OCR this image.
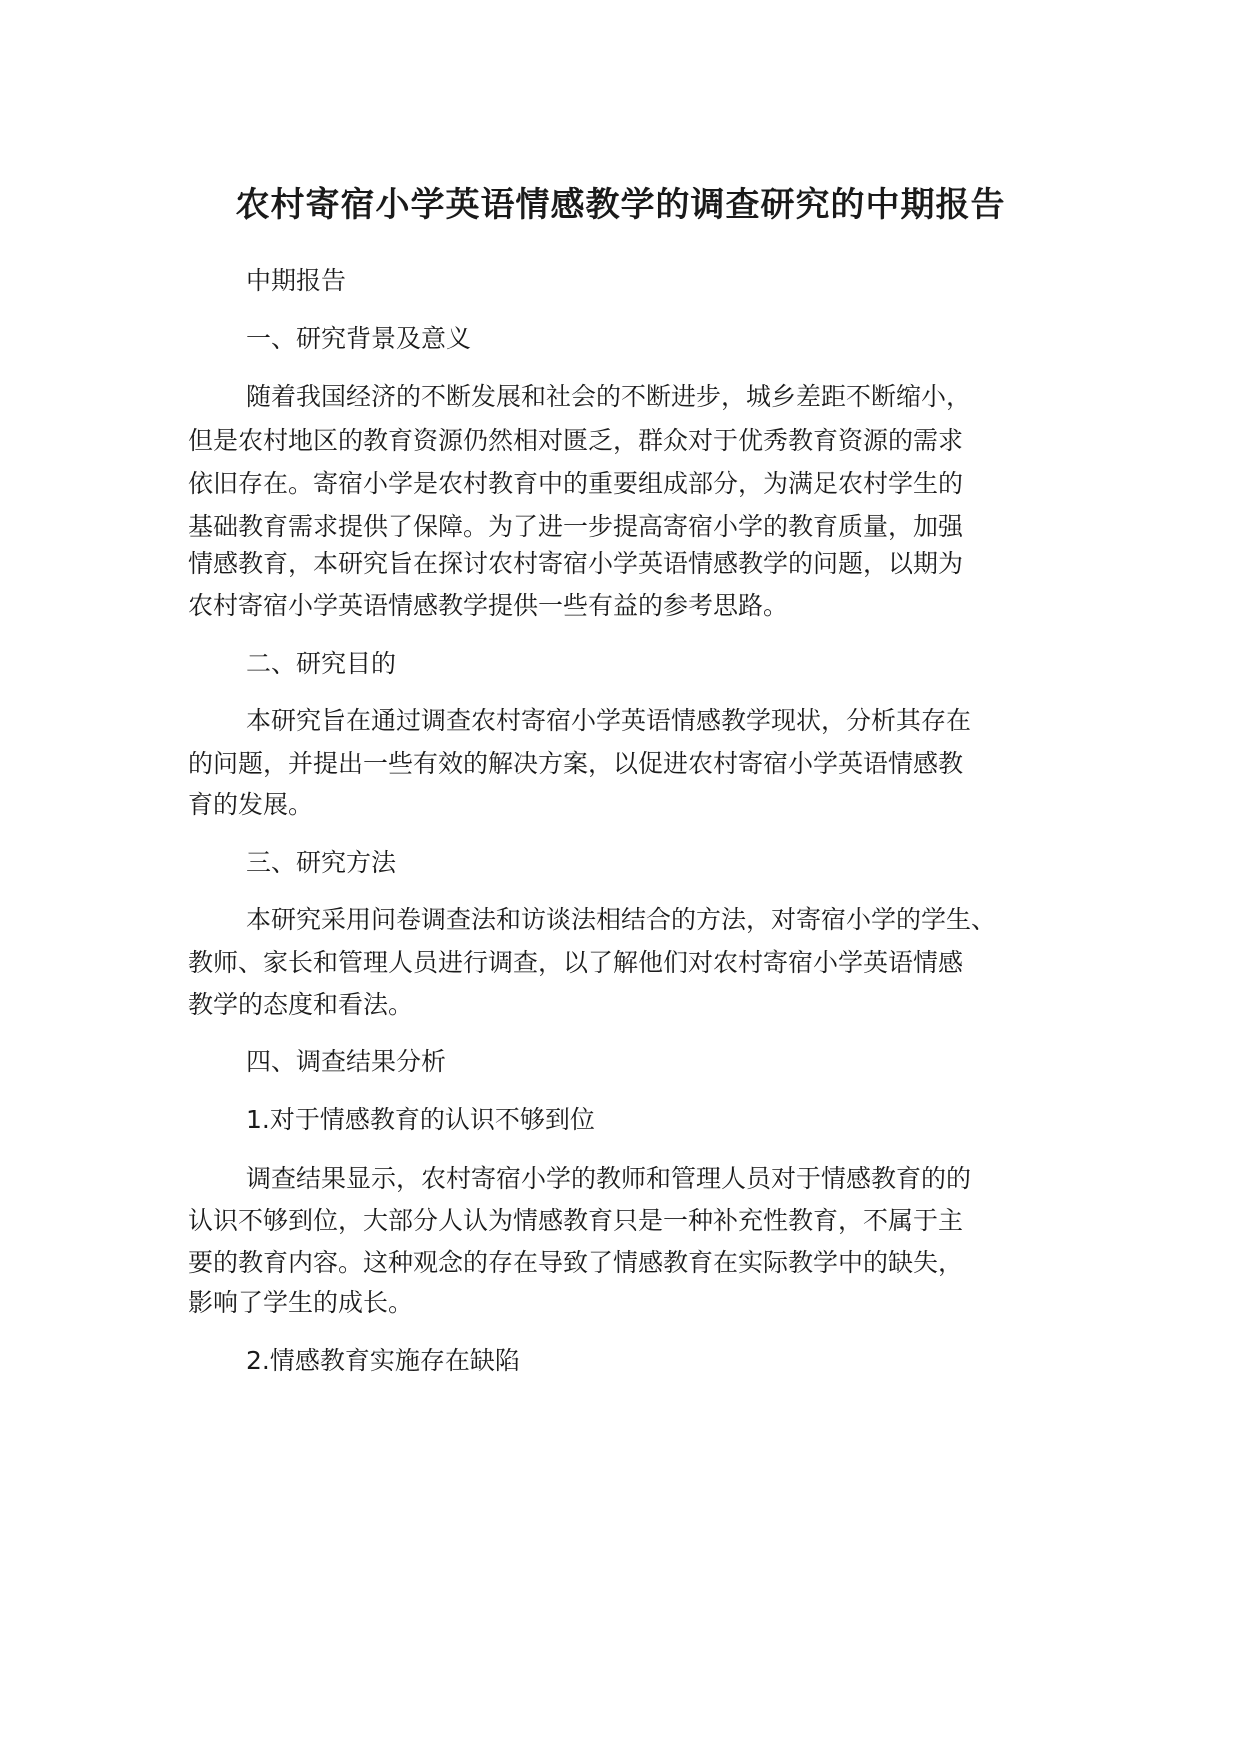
农村寄宿小学英语情感教学的调查研究的中期报告
中期报告
一、研究背景及意义
随着我国经济的不断发展和社会的不断进步，城乡差距不断缩小，
但是农村地区的教育资源仍然相对匮乏，群众对于优秀教育资源的需求
依旧存在。寄宿小学是农村教育中的重要组成部分，为满足农村学生的
基础教育需求提供了保障。为了进一步提高寄宿小学的教育质量，加强
情感教育，本研究旨在探讨农村寄宿小学英语情感教学的问题，以期为
农村寄宿小学英语情感教学提供一些有益的参考思路。
二、研究目的
本研究旨在通过调查农村寄宿小学英语情感教学现状，分析其存在
的问题，并提出一些有效的解决方案，以促进农村寄宿小学英语情感教
育的发展。
三、研究方法
本研究采用问卷调查法和访谈法相结合的方法，对寄宿小学的学生、
教师、家长和管理人员进行调查，以了解他们对农村寄宿小学英语情感
教学的态度和看法。
四、调查结果分析
1.对于情感教育的认识不够到位
调查结果显示，农村寄宿小学的教师和管理人员对于情感教育的的
认识不够到位，大部分人认为情感教育只是一种补充性教育，不属于主
要的教育内容。这种观念的存在导致了情感教育在实际教学中的缺失，
影响了学生的成长。
2.情感教育实施存在缺陷
